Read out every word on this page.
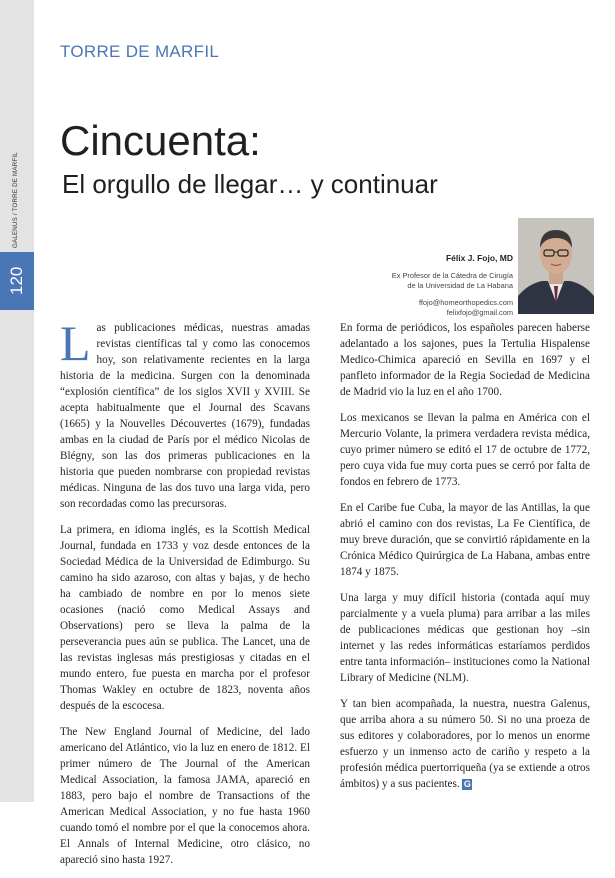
GALENUS / TORRE DE MARFIL
120
TORRE DE MARFIL
Cincuenta:
El orgullo de llegar… y continuar
Félix J. Fojo, MD
Ex Profesor de la Cátedra de Cirugía
de la Universidad de La Habana
ffojo@homeorthopedics.com
felixfojo@gmail.com

Las publicaciones médicas, nuestras amadas revistas científicas tal y como las conocemos hoy, son relativamente recientes en la larga historia de la medicina. Surgen con la denominada “explosión científica” de los siglos XVII y XVIII. Se acepta habitualmente que el Journal des Scavans (1665) y la Nouvelles Découvertes (1679), fundadas ambas en la ciudad de París por el médico Nicolas de Blégny, son las dos primeras publicaciones en la historia que pueden nombrarse con propiedad revistas médicas. Ninguna de las dos tuvo una larga vida, pero son recordadas como las precursoras.

La primera, en idioma inglés, es la Scottish Medical Journal, fundada en 1733 y voz desde entonces de la Sociedad Médica de la Universidad de Edimburgo. Su camino ha sido azaroso, con altas y bajas, y de hecho ha cambiado de nombre en por lo menos siete ocasiones (nació como Medical Assays and Observations) pero se lleva la palma de la perseverancia pues aún se publica. The Lancet, una de las revistas inglesas más prestigiosas y citadas en el mundo entero, fue puesta en marcha por el profesor Thomas Wakley en octubre de 1823, noventa años después de la escocesa.

The New England Journal of Medicine, del lado americano del Atlántico, vio la luz en enero de 1812. El primer número de The Journal of the American Medical Association, la famosa JAMA, apareció en 1883, pero bajo el nombre de Transactions of the American Medical Association, y no fue hasta 1960 cuando tomó el nombre por el que la conocemos ahora. El Annals of Internal Medicine, otro clásico, no apareció sino hasta 1927.

En forma de periódicos, los españoles parecen haberse adelantado a los sajones, pues la Tertulia Hispalense Medico-Chimica apareció en Sevilla en 1697 y el panfleto informador de la Regia Sociedad de Medicina de Madrid vio la luz en el año 1700.

Los mexicanos se llevan la palma en América con el Mercurio Volante, la primera verdadera revista médica, cuyo primer número se editó el 17 de octubre de 1772, pero cuya vida fue muy corta pues se cerró por falta de fondos en febrero de 1773.

En el Caribe fue Cuba, la mayor de las Antillas, la que abrió el camino con dos revistas, La Fe Científica, de muy breve duración, que se convirtió rápidamente en la Crónica Médico Quirúrgica de La Habana, ambas entre 1874 y 1875.

Una larga y muy difícil historia (contada aquí muy parcialmente y a vuela pluma) para arribar a las miles de publicaciones médicas que gestionan hoy –sin internet y las redes informáticas estaríamos perdidos entre tanta información– instituciones como la National Library of Medicine (NLM).

Y tan bien acompañada, la nuestra, nuestra Galenus, que arriba ahora a su número 50. Si no una proeza de sus editores y colaboradores, por lo menos un enorme esfuerzo y un inmenso acto de cariño y respeto a la profesión médica puertorriqueña (ya se extiende a otros ámbitos) y a sus pacientes. G
